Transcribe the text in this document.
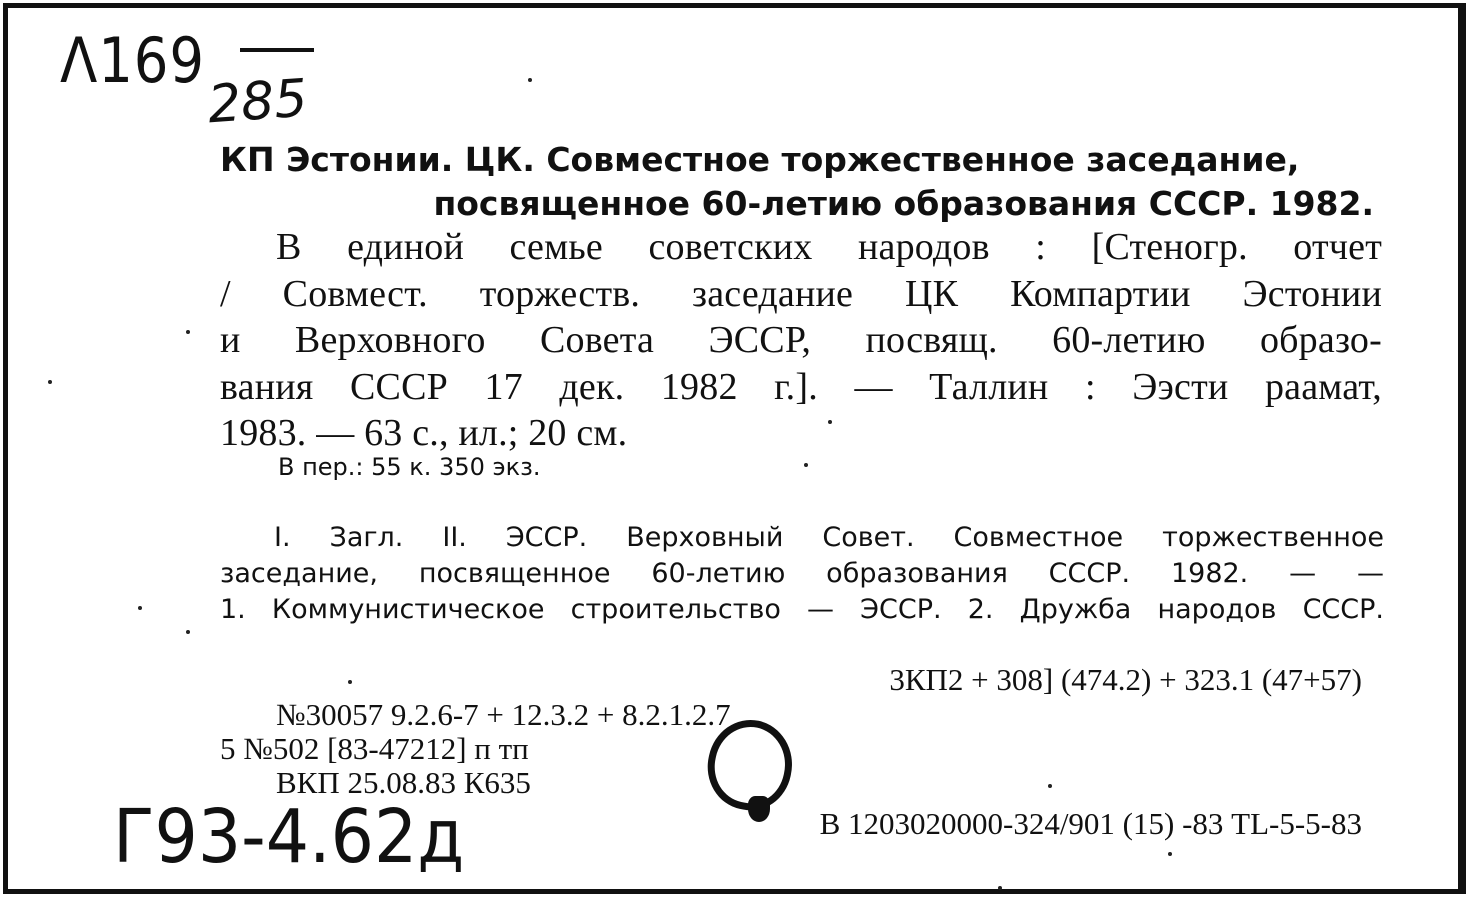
Λ169
285
КП Эстонии. ЦК. Совместное торжественное заседание,
посвященное 60-летию образования СССР. 1982.
В единой семье советских народов : [Стеногр. отчет
/ Совмест. торжеств. заседание ЦК Компартии Эстонии
и Верховного Совета ЭССР, посвящ. 60-летию образо-
вания СССР 17 дек. 1982 г.]. — Таллин : Ээсти раамат,
1983. — 63 с., ил.; 20 см.
В пер.: 55 к. 350 экз.
I. Загл. II. ЭССР. Верховный Совет. Совместное торжественное
заседание, посвященное 60-летию образования СССР. 1982. — —
1. Коммунистическое строительство — ЭССР. 2. Дружба народов СССР.
3КП2 + 308] (474.2) + 323.1 (47+57)
№30057 9.2.6-7 + 12.3.2 + 8.2.1.2.7
5 №502 [83-47212] п тп
ВКП 25.08.83 К635
В 1203020000-324/901 (15) -83 TL-5-5-83
Г93-4.62д
